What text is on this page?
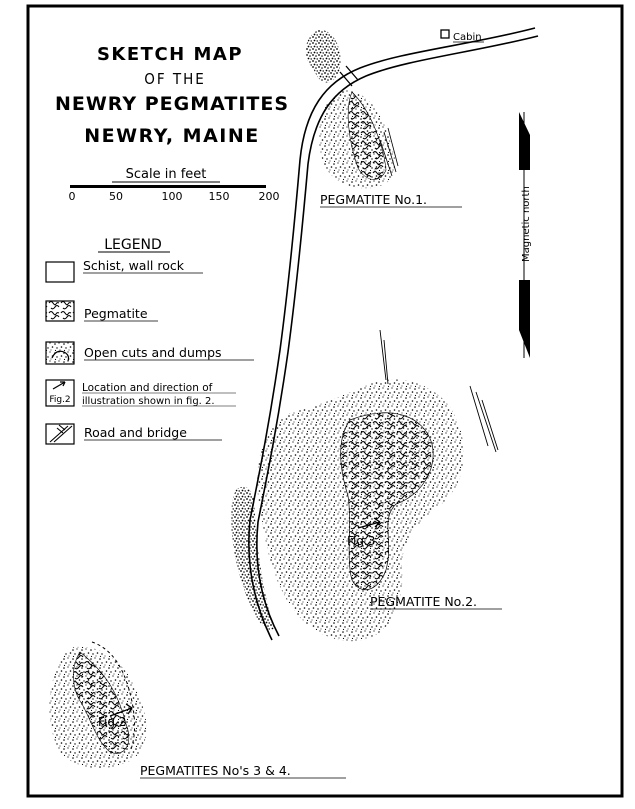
SKETCH MAP
OF THE
NEWRY PEGMATITES
NEWRY, MAINE
Scale in feet
0	50	100 150	200
LEGEND
Schist, wall rock
Pegmatite
Open cuts and dumps
Fig.2
Location and direction of
illustration shown in fig. 2.
Road and bridge
Magnetic north
Cabin
PEGMATITE No.1.
Fig.3
PEGMATITE No.2.
Fig.2
PEGMATITES No's 3 & 4.
